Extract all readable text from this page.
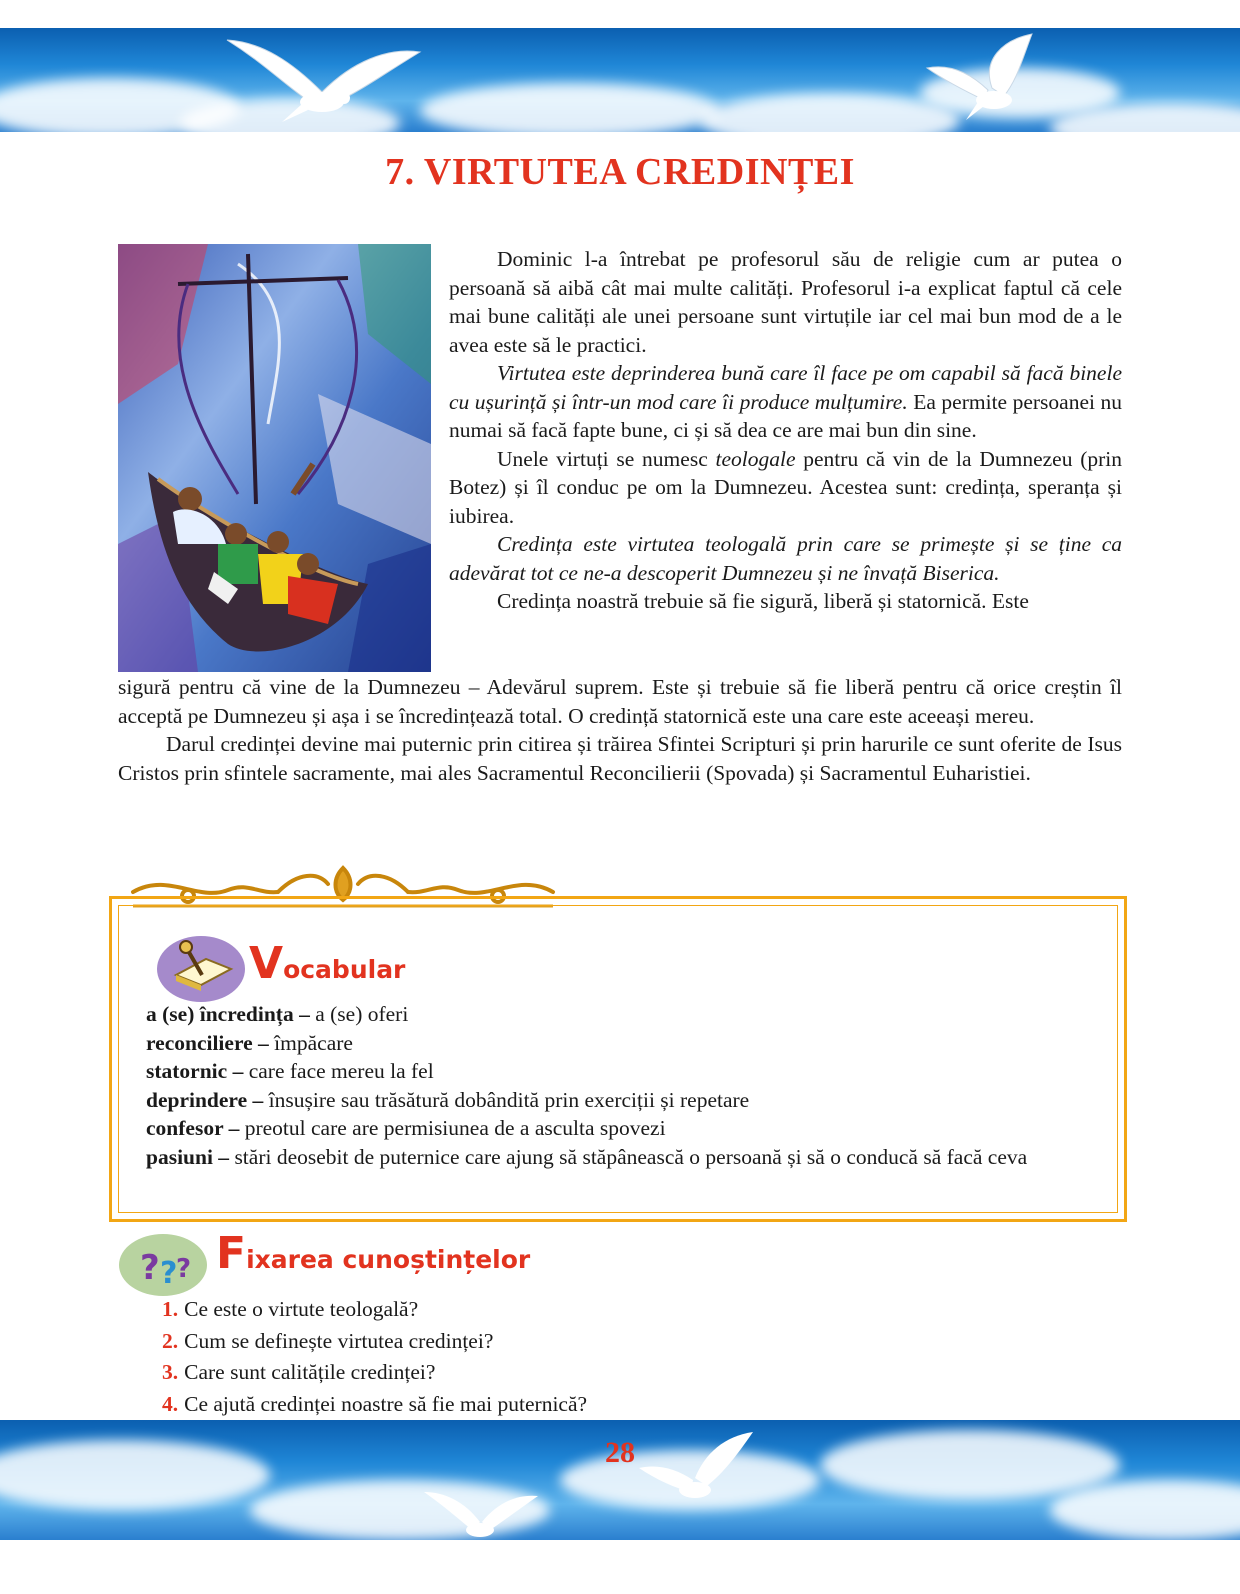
7. VIRTUTEA CREDINȚEI

Dominic l-a întrebat pe profesorul său de religie cum ar putea o persoană să aibă cât mai multe calități. Profesorul i-a explicat faptul că cele mai bune calități ale unei persoane sunt virtuțile iar cel mai bun mod de a le avea este să le practici.

Virtutea este deprinderea bună care îl face pe om capabil să facă binele cu ușurință și într-un mod care îi produce mulțumire. Ea permite persoanei nu numai să facă fapte bune, ci și să dea ce are mai bun din sine.

Unele virtuți se numesc teologale pentru că vin de la Dumnezeu (prin Botez) și îl conduc pe om la Dumnezeu. Acestea sunt: credința, speranța și iubirea.

Credința este virtutea teologală prin care se primește și se ține ca adevărat tot ce ne-a descoperit Dumnezeu și ne învață Biserica.

Credința noastră trebuie să fie sigură, liberă și statornică. Este

sigură pentru că vine de la Dumnezeu – Adevărul suprem. Este și trebuie să fie liberă pentru că orice creștin îl acceptă pe Dumnezeu și așa i se încredințează total. O credință statornică este una care este aceeași mereu.

Darul credinței devine mai puternic prin citirea și trăirea Sfintei Scripturi și prin harurile ce sunt oferite de Isus Cristos prin sfintele sacramente, mai ales Sacramentul Reconcilierii (Spovada) și Sacramentul Euharistiei.

Vocabular
a (se) încredința – a (se) oferi
reconciliere – împăcare
statornic – care face mereu la fel
deprindere – însușire sau trăsătură dobândită prin exerciții și repetare
confesor – preotul care are permisiunea de a asculta spovezi
pasiuni – stări deosebit de puternice care ajung să stăpânească o persoană și să o conducă să facă ceva
? ?
? Fixarea cunoștințelor
1. Ce este o virtute teologală?
2. Cum se definește virtutea credinței?
3. Care sunt calitățile credinței?
4. Ce ajută credinței noastre să fie mai puternică?
28
